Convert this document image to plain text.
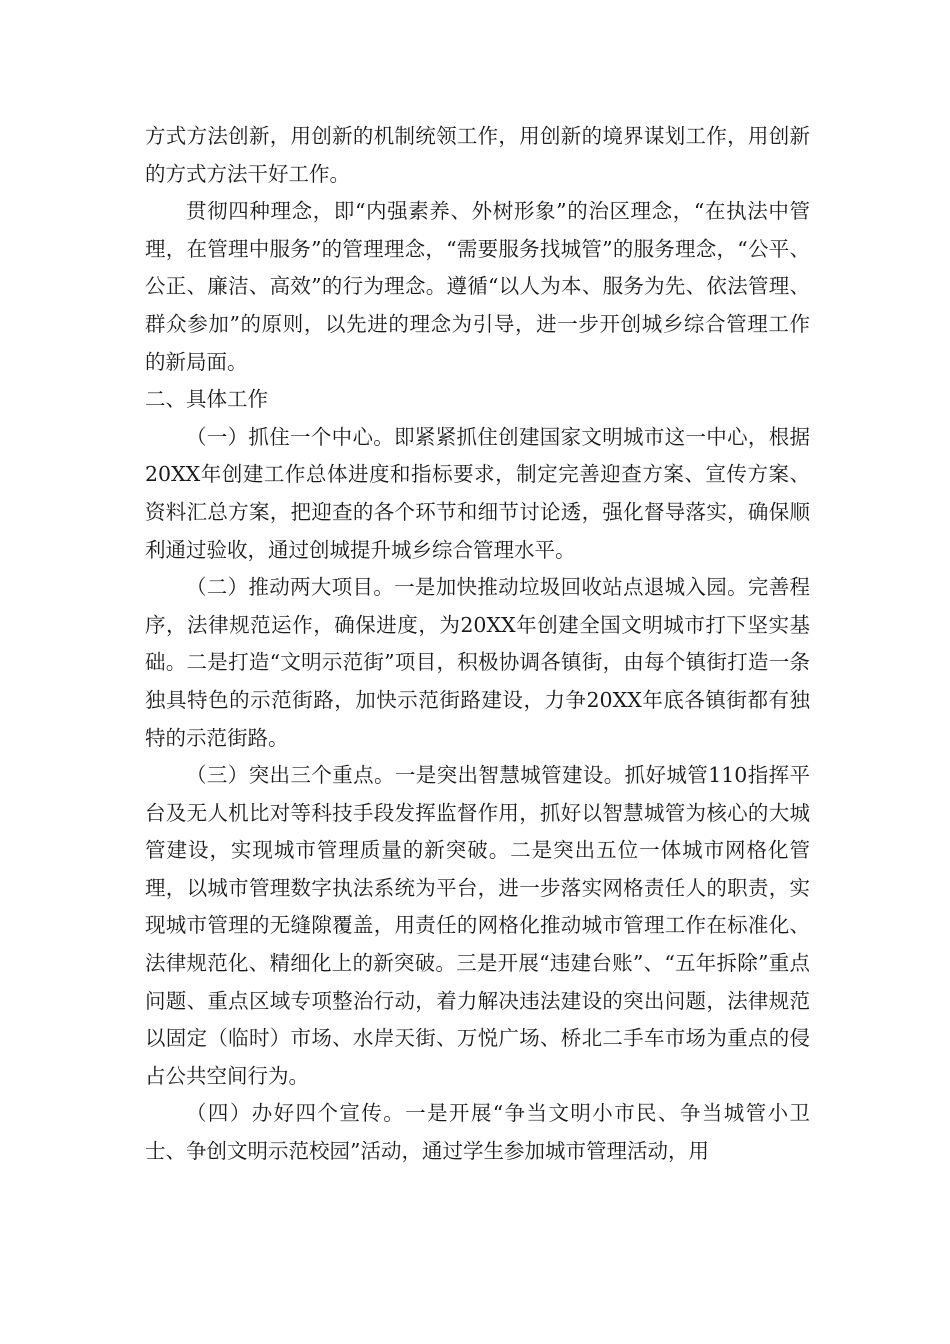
方式方法创新，用创新的机制统领工作，用创新的境界谋划工作，用创新的方式方法干好工作。

贯彻四种理念，即“内强素养、外树形象”的治区理念，“在执法中管理，在管理中服务”的管理理念，“需要服务找城管”的服务理念，“公平、公正、廉洁、高效”的行为理念。遵循“以人为本、服务为先、依法管理、群众参加”的原则，以先进的理念为引导，进一步开创城乡综合管理工作的新局面。

二、具体工作

（一）抓住一个中心。即紧紧抓住创建国家文明城市这一中心，根据20XX年创建工作总体进度和指标要求，制定完善迎查方案、宣传方案、资料汇总方案，把迎查的各个环节和细节讨论透，强化督导落实，确保顺利通过验收，通过创城提升城乡综合管理水平。

（二）推动两大项目。一是加快推动垃圾回收站点退城入园。完善程序，法律规范运作，确保进度，为20XX年创建全国文明城市打下坚实基础。二是打造“文明示范街”项目，积极协调各镇街，由每个镇街打造一条独具特色的示范街路，加快示范街路建设，力争20XX年底各镇街都有独特的示范街路。

（三）突出三个重点。一是突出智慧城管建设。抓好城管110指挥平台及无人机比对等科技手段发挥监督作用，抓好以智慧城管为核心的大城管建设，实现城市管理质量的新突破。二是突出五位一体城市网格化管理，以城市管理数字执法系统为平台，进一步落实网格责任人的职责，实现城市管理的无缝隙覆盖，用责任的网格化推动城市管理工作在标准化、法律规范化、精细化上的新突破。三是开展“违建台账”、“五年拆除”重点问题、重点区域专项整治行动，着力解决违法建设的突出问题，法律规范以固定（临时）市场、水岸天街、万悦广场、桥北二手车市场为重点的侵占公共空间行为。

（四）办好四个宣传。一是开展“争当文明小市民、争当城管小卫士、争创文明示范校园”活动，通过学生参加城市管理活动，用
